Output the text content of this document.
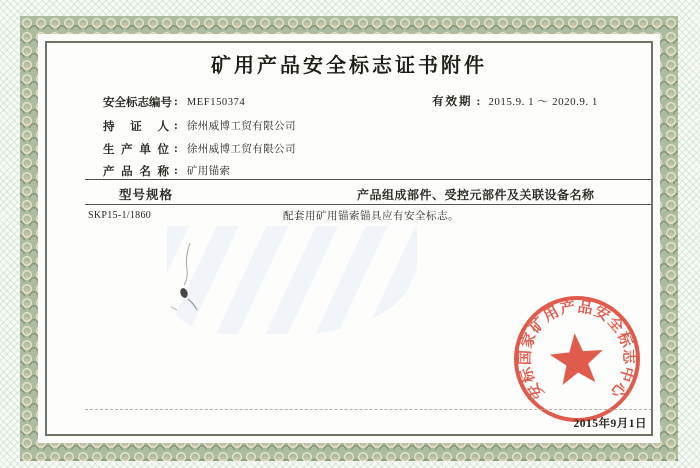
矿用产品安全标志证书附件
安全标志编号 : MEF150374	有效期 : 2015.9. 1 ～ 2020.9. 1
持证人 : 徐州威博工贸有限公司
生产单位 : 徐州威博工贸有限公司
产品名称 : 矿用锚索
型号规格	产品组成部件、受控元部件及关联设备名称
SKP15-1/1860	配套用矿用锚索锚具应有安全标志。
安标国家矿用产品安全标志中心
2015年9月1日
